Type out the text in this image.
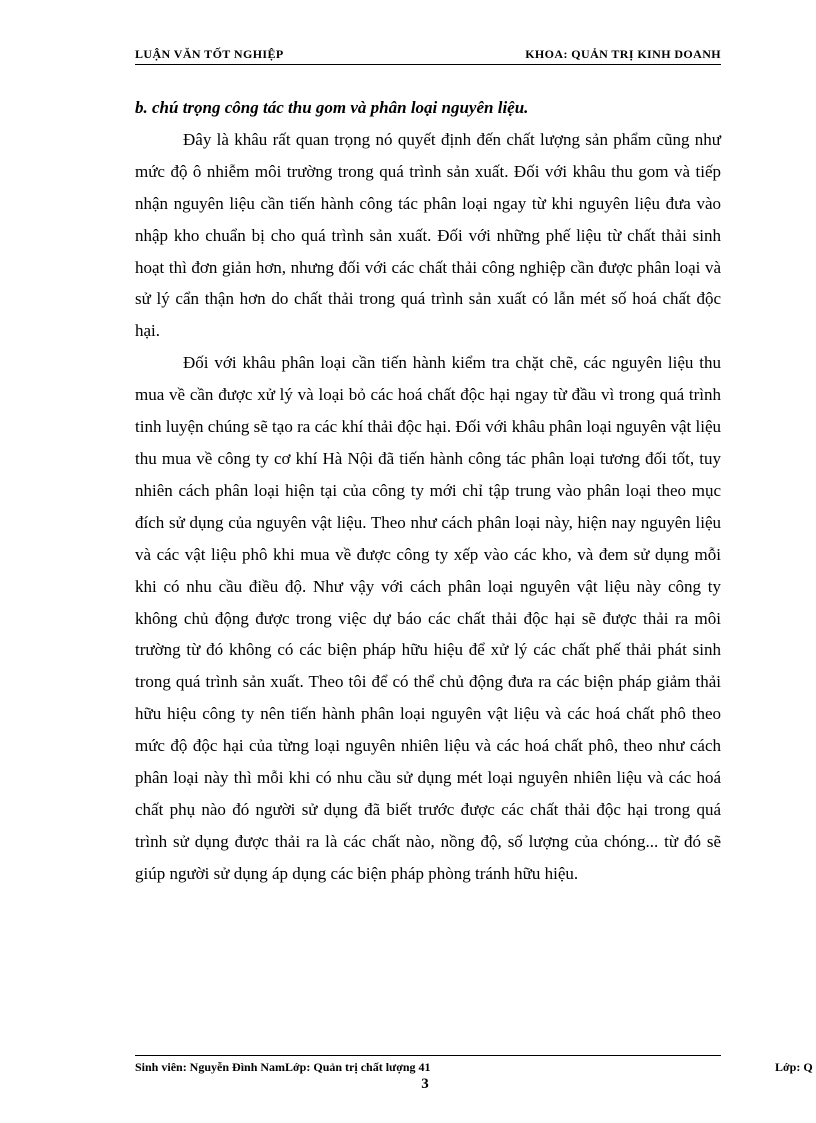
LUẬN VĂN TỐT NGHIỆP	KHOA: QUẢN TRỊ KINH DOANH

b. chú trọng công tác thu gom và phân loại nguyên liệu.

Đây là khâu rất quan trọng nó quyết định đến chất lượng sản phẩm cũng như mức độ ô nhiễm môi trường trong quá trình sản xuất. Đối với khâu thu gom và tiếp nhận nguyên liệu cần tiến hành công tác phân loại ngay từ khi nguyên liệu đưa vào nhập kho chuẩn bị cho quá trình sản xuất. Đối với những phế liệu từ chất thải sinh hoạt thì đơn giản hơn, nhưng đối với các chất thải công nghiệp cần được phân loại và sử lý cẩn thận hơn do chất thải trong quá trình sản xuất có lẫn mét số hoá chất độc hại.

Đối với khâu phân loại cần tiến hành kiểm tra chặt chẽ, các nguyên liệu thu mua về cần được xử lý và loại bỏ các hoá chất độc hại ngay từ đầu vì trong quá trình tinh luyện chúng sẽ tạo ra các khí thải độc hại. Đối với khâu phân loại nguyên vật liệu thu mua về công ty cơ khí Hà Nội đã tiến hành công tác phân loại tương đối tốt, tuy nhiên cách phân loại hiện tại của công ty mới chỉ tập trung vào phân loại theo mục đích sử dụng của nguyên vật liệu. Theo như cách phân loại này, hiện nay nguyên liệu và các vật liệu phô khi mua về được công ty xếp vào các kho, và đem sử dụng mỗi khi có nhu cầu điều độ. Như vậy với cách phân loại nguyên vật liệu này công ty không chủ động được trong việc dự báo các chất thải độc hại sẽ được thải ra môi trường từ đó không có các biện pháp hữu hiệu để xử lý các chất phế thải phát sinh trong quá trình sản xuất. Theo tôi để có thể chủ động đưa ra các biện pháp giảm thải hữu hiệu công ty nên tiến hành phân loại nguyên vật liệu và các hoá chất phô theo mức độ độc hại của từng loại nguyên nhiên liệu và các hoá chất phô, theo như cách phân loại này thì mỗi khi có nhu cầu sử dụng mét loại nguyên nhiên liệu và các hoá chất phụ nào đó người sử dụng đã biết trước được các chất thải độc hại trong quá trình sử dụng được thải ra là các chất nào, nồng độ, số lượng của chóng... từ đó sẽ giúp người sử dụng áp dụng các biện pháp phòng tránh hữu hiệu.

Sinh viên: Nguyễn Đình NamLớp: Quản trị chất lượng 41	Lớp: Q
3
